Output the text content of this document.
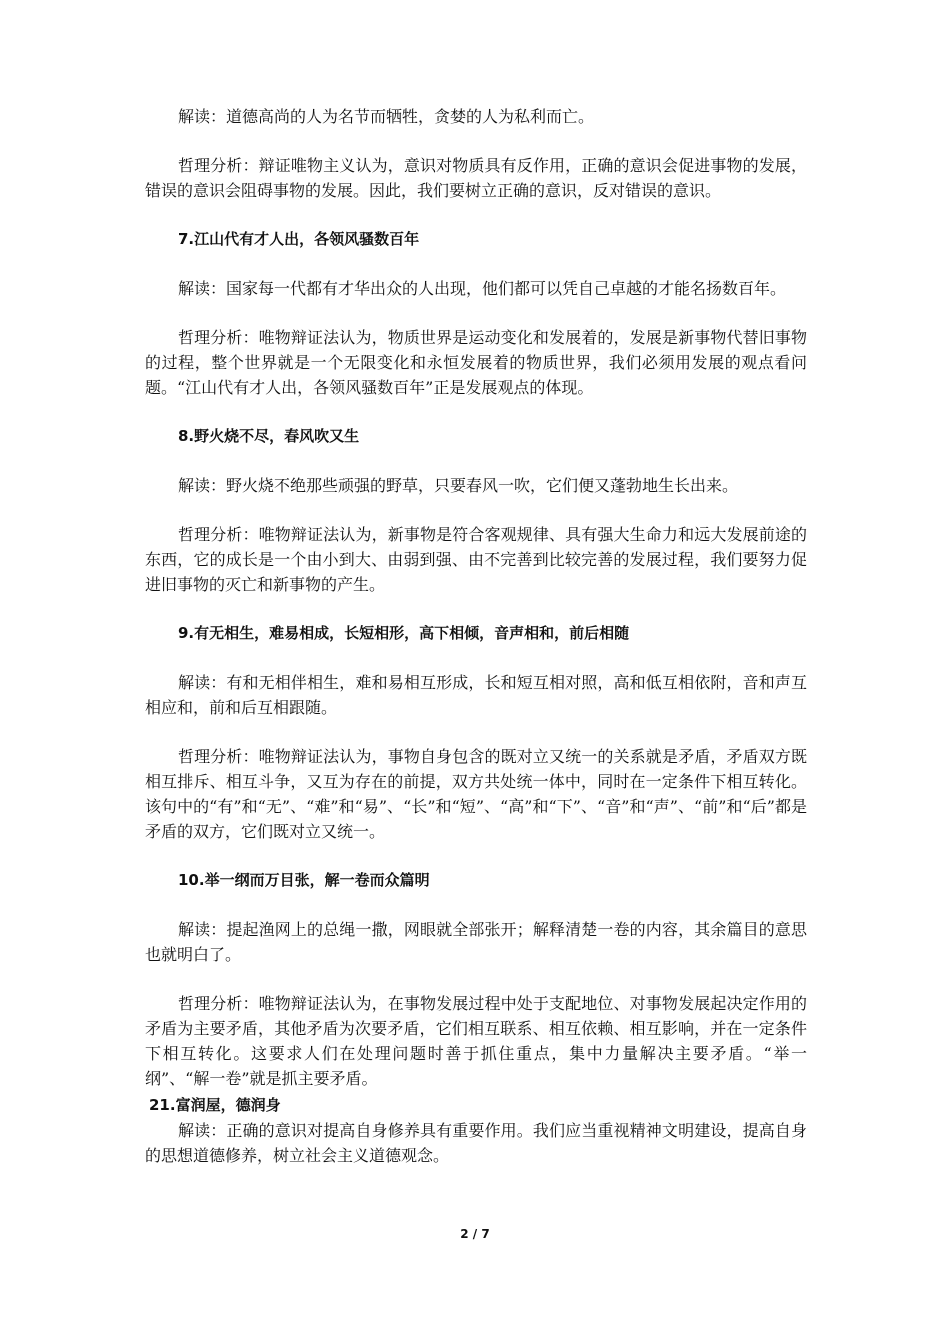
解读：道德高尚的人为名节而牺牲，贪婪的人为私利而亡。

哲理分析：辩证唯物主义认为，意识对物质具有反作用，正确的意识会促进事物的发展，错误的意识会阻碍事物的发展。因此，我们要树立正确的意识，反对错误的意识。

7.江山代有才人出，各领风骚数百年

解读：国家每一代都有才华出众的人出现，他们都可以凭自己卓越的才能名扬数百年。

哲理分析：唯物辩证法认为，物质世界是运动变化和发展着的，发展是新事物代替旧事物的过程，整个世界就是一个无限变化和永恒发展着的物质世界，我们必须用发展的观点看问题。“江山代有才人出，各领风骚数百年”正是发展观点的体现。

8.野火烧不尽，春风吹又生

解读：野火烧不绝那些顽强的野草，只要春风一吹，它们便又蓬勃地生长出来。

哲理分析：唯物辩证法认为，新事物是符合客观规律、具有强大生命力和远大发展前途的东西，它的成长是一个由小到大、由弱到强、由不完善到比较完善的发展过程，我们要努力促进旧事物的灭亡和新事物的产生。

9.有无相生，难易相成，长短相形，高下相倾，音声相和，前后相随

解读：有和无相伴相生，难和易相互形成，长和短互相对照，高和低互相依附，音和声互相应和，前和后互相跟随。

哲理分析：唯物辩证法认为，事物自身包含的既对立又统一的关系就是矛盾，矛盾双方既相互排斥、相互斗争，又互为存在的前提，双方共处统一体中，同时在一定条件下相互转化。该句中的“有”和“无”、“难”和“易”、“长”和“短”、“高”和“下”、“音”和“声”、“前”和“后”都是矛盾的双方，它们既对立又统一。

10.举一纲而万目张，解一卷而众篇明

解读：提起渔网上的总绳一撒，网眼就全部张开；解释清楚一卷的内容，其余篇目的意思也就明白了。

哲理分析：唯物辩证法认为，在事物发展过程中处于支配地位、对事物发展起决定作用的矛盾为主要矛盾，其他矛盾为次要矛盾，它们相互联系、相互依赖、相互影响，并在一定条件下相互转化。这要求人们在处理问题时善于抓住重点，集中力量解决主要矛盾。“举一纲”、“解一卷”就是抓主要矛盾。

21.富润屋，德润身

解读：正确的意识对提高自身修养具有重要作用。我们应当重视精神文明建设，提高自身的思想道德修养，树立社会主义道德观念。

2 / 7
